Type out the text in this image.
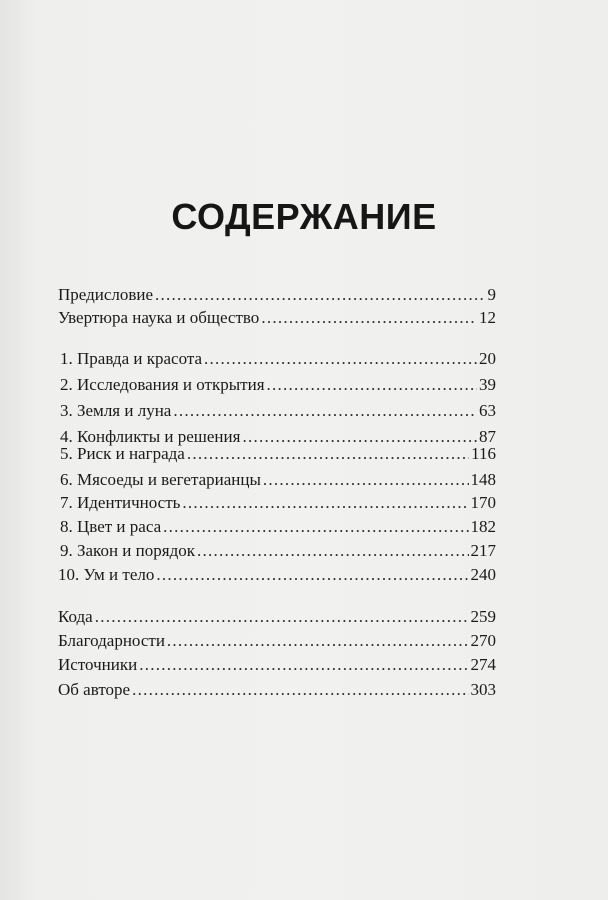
СОДЕРЖАНИЕ
Предисловие . . .	9
Увертюра наука и общество . . .	12
1. Правда и красота . . .	20
2. Исследования и открытия . . .	39
3. Земля и луна . . .	63
4. Конфликты и решения . . .	87
5. Риск и награда . . .	116
6. Мясоеды и вегетарианцы . . .	148
7. Идентичность . . .	170
8. Цвет и раса . . .	182
9. Закон и порядок . . .	217
10. Ум и тело . . .	240
Кода . . .	259
Благодарности . . .	270
Источники . . .	274
Об авторе . . .	303
